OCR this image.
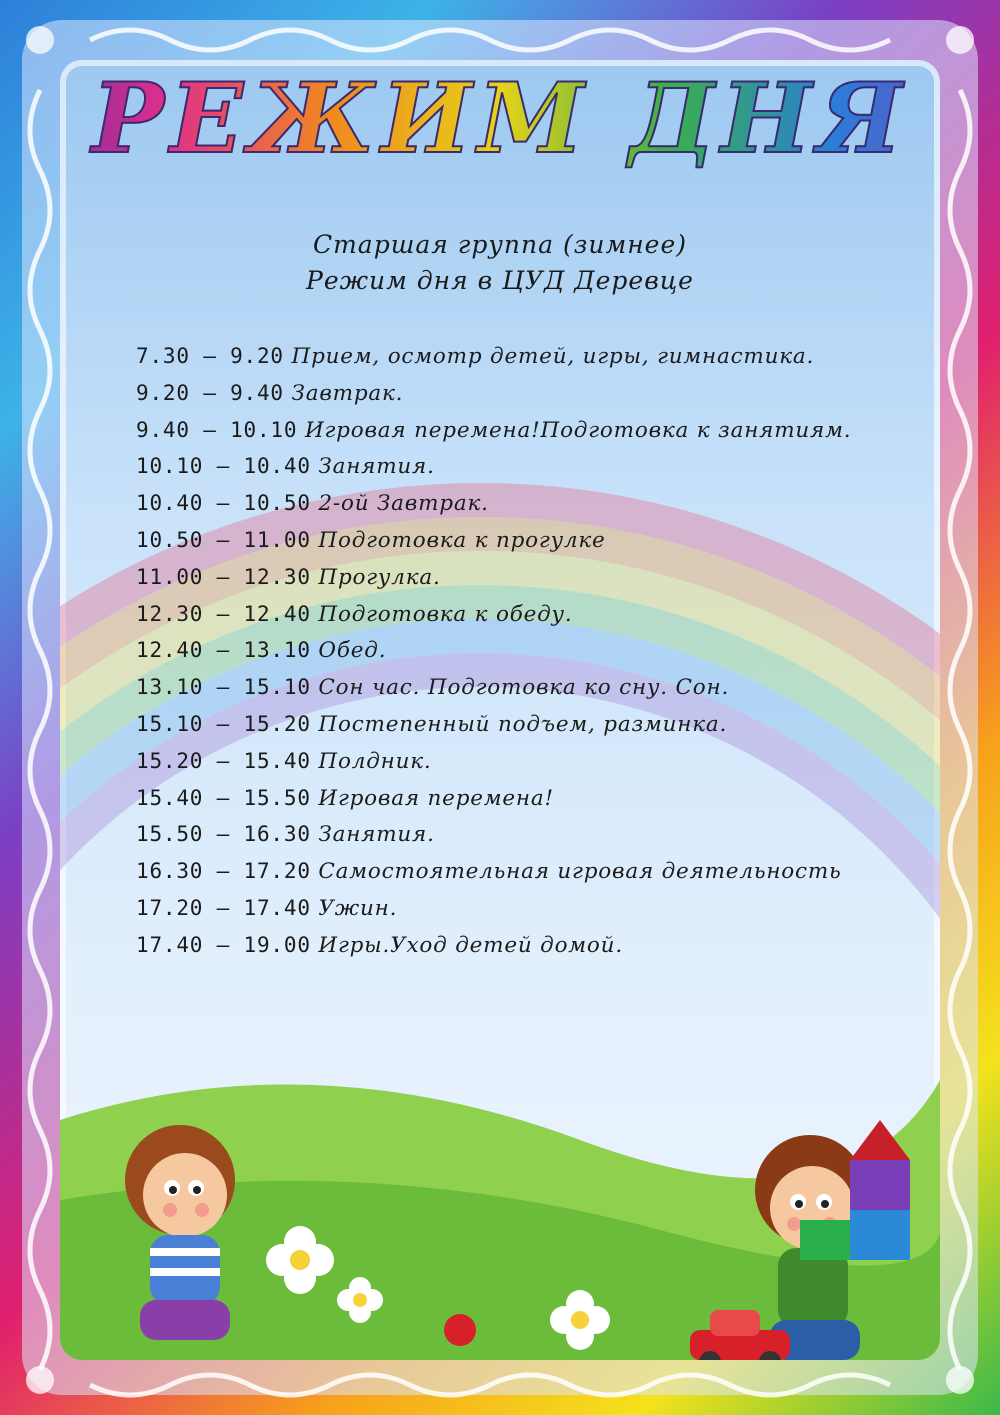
РЕЖИМ ДНЯ
Старшая группа (зимнее)
Режим дня в ЦУД Деревце
7.30 – 9.20 Прием, осмотр детей, игры, гимнастика.
9.20 – 9.40 Завтрак.
9.40 – 10.10 Игровая перемена!Подготовка к занятиям.
10.10 – 10.40 Занятия.
10.40 – 10.50 2-ой Завтрак.
10.50 – 11.00 Подготовка к прогулке
11.00 – 12.30 Прогулка.
12.30 – 12.40 Подготовка к обеду.
12.40 – 13.10 Обед.
13.10 – 15.10 Сон час. Подготовка ко сну. Сон.
15.10 – 15.20 Постепенный подъем, разминка.
15.20 – 15.40 Полдник.
15.40 – 15.50 Игровая перемена!
15.50 – 16.30 Занятия.
16.30 – 17.20 Самостоятельная игровая деятельность
17.20 – 17.40 Ужин.
17.40 – 19.00 Игры.Уход детей домой.
